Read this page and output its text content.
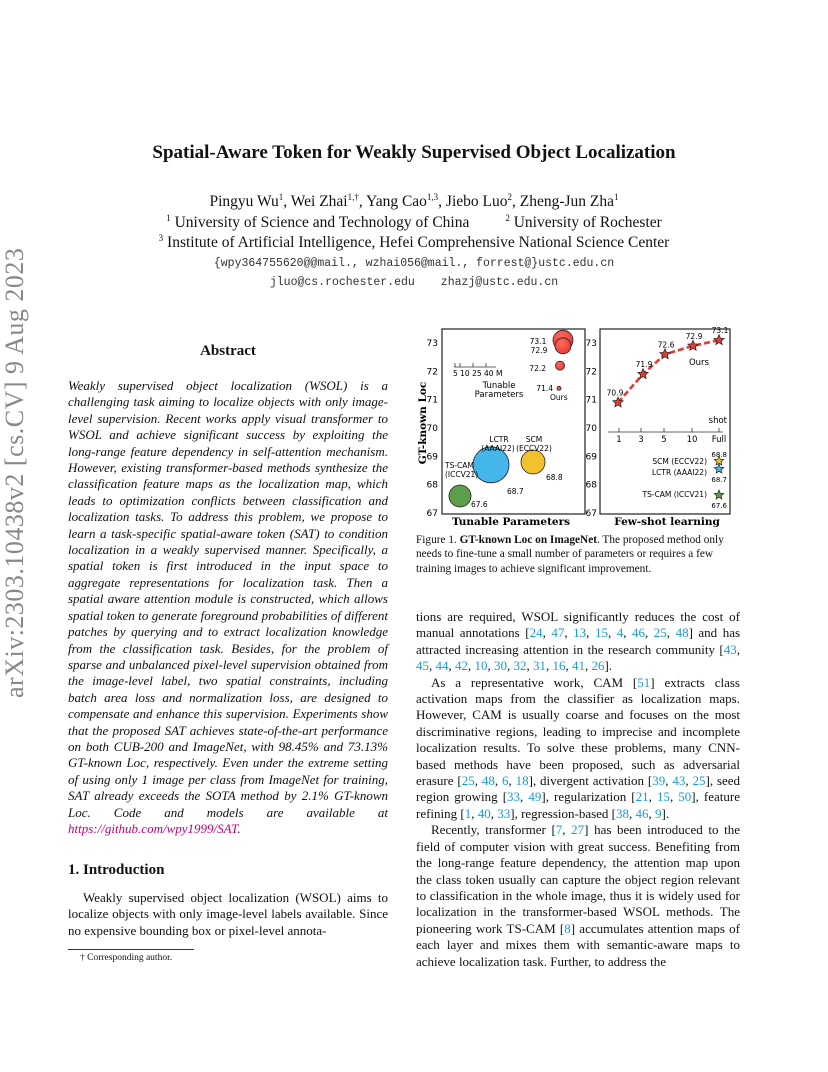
arXiv:2303.10438v2 [cs.CV] 9 Aug 2023
Spatial-Aware Token for Weakly Supervised Object Localization
Pingyu Wu$^1$, Wei Zhai$^{1,\dagger}$, Yang Cao$^{1,3}$, Jiebo Luo$^2$, Zheng-Jun Zha$^1$
$^1$ University of Science and Technology of China	$^2$ University of Rochester
$^3$ Institute of Artificial Intelligence, Hefei Comprehensive National Science Center
{wpy364755620@@mail., wzhai056@mail., forrest@}ustc.edu.cn
jluo@cs.rochester.edu zhazj@ustc.edu.cn
Abstract
Weakly supervised object localization (WSOL) is a challenging task aiming to localize objects with only image-level supervision. Recent works apply visual transformer to WSOL and achieve significant success by exploiting the long-range feature dependency in self-attention mechanism. However, existing transformer-based methods synthesize the classification feature maps as the localization map, which leads to optimization conflicts between classification and localization tasks. To address this problem, we propose to learn a task-specific spatial-aware token (SAT) to condition localization in a weakly supervised manner. Specifically, a spatial token is first introduced in the input space to aggregate representations for localization task. Then a spatial aware attention module is constructed, which allows spatial token to generate foreground probabilities of different patches by querying and to extract localization knowledge from the classification task. Besides, for the problem of sparse and unbalanced pixel-level supervision obtained from the image-level label, two spatial constraints, including batch area loss and normalization loss, are designed to compensate and enhance this supervision. Experiments show that the proposed SAT achieves state-of-the-art performance on both CUB-200 and ImageNet, with 98.45% and 73.13% GT-known Loc, respectively. Even under the extreme setting of using only 1 image per class from ImageNet for training, SAT already exceeds the SOTA method by 2.1% GT-known Loc. Code and models are available at https://github.com/wpy1999/SAT.
1. Introduction
Weakly supervised object localization (WSOL) aims to localize objects with only image-level labels available. Since no expensive bounding box or pixel-level annota-
† Corresponding author.
GT-known Loc
73
72
71
70
69
68
67
5 10 25 40 M
Tunable
Parameters
73.1
72.9
72.2
71.4
Ours
LCTR
(AAAI22)
SCM
(ECCV22)
TS-CAM
(ICCV21)
67.6
68.7
68.8
Tunable Parameters
73
72
71
70
69
68
67
70.9
71.9
72.6
72.9
73.1
Ours
shot
1 3 5 10 Full
SCM (ECCV22)
LCTR (AAAI22)
TS-CAM (ICCV21)
68.8
68.7
67.6
Few-shot learning
Figure 1. GT-known Loc on ImageNet. The proposed method only needs to fine-tune a small number of parameters or requires a few training images to achieve significant improvement.
tions are required, WSOL significantly reduces the cost of manual annotations [24, 47, 13, 15, 4, 46, 25, 48] and has attracted increasing attention in the research community [43, 45, 44, 42, 10, 30, 32, 31, 16, 41, 26].
As a representative work, CAM [51] extracts class activation maps from the classifier as localization maps. However, CAM is usually coarse and focuses on the most discriminative regions, leading to imprecise and incomplete localization results. To solve these problems, many CNN-based methods have been proposed, such as adversarial erasure [25, 48, 6, 18], divergent activation [39, 43, 25], seed region growing [33, 49], regularization [21, 15, 50], feature refining [1, 40, 33], regression-based [38, 46, 9].
Recently, transformer [7, 27] has been introduced to the field of computer vision with great success. Benefiting from the long-range feature dependency, the attention map upon the class token usually can capture the object region relevant to classification in the whole image, thus it is widely used for localization in the transformer-based WSOL methods. The pioneering work TS-CAM [8] accumulates attention maps of each layer and mixes them with semantic-aware maps to achieve localization task. Further, to address the
